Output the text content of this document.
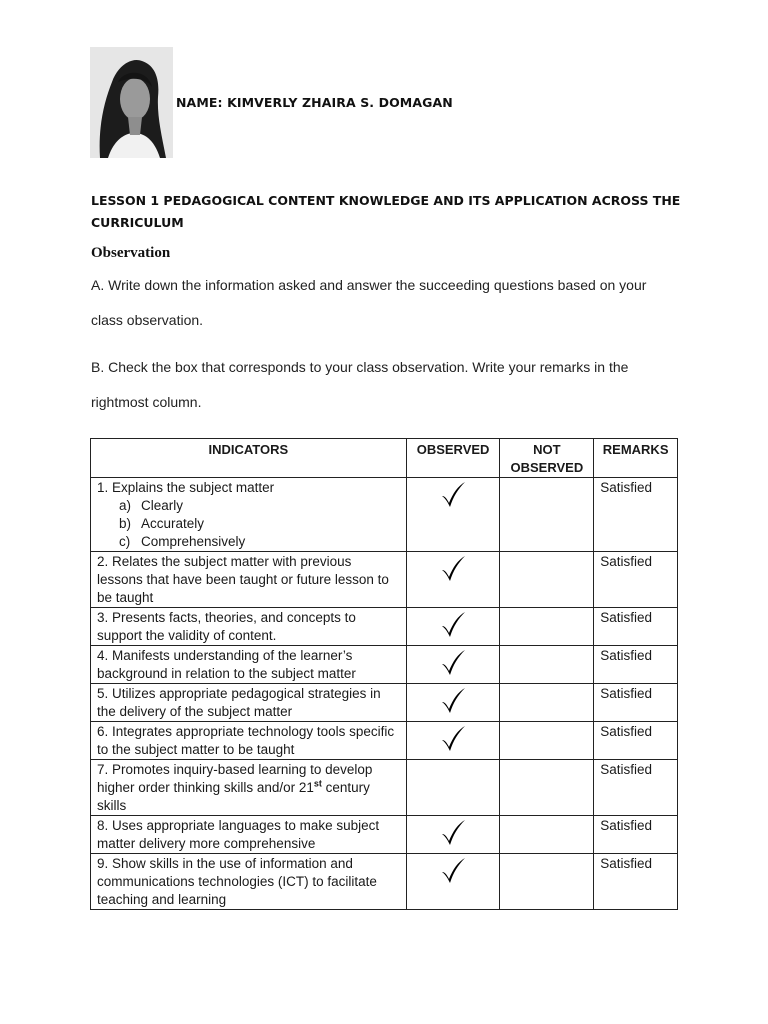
NAME: KIMVERLY ZHAIRA S. DOMAGAN
LESSON 1 PEDAGOGICAL CONTENT KNOWLEDGE AND ITS APPLICATION ACROSS THE CURRICULUM
Observation
A. Write down the information asked and answer the succeeding questions based on your class observation.
B. Check the box that corresponds to your class observation. Write your remarks in the rightmost column.
INDICATORS	OBSERVED	NOT OBSERVED	REMARKS
1. Explains the subject matter
a) Clearly
b) Accurately
c) Comprehensively			Satisfied
2. Relates the subject matter with previous lessons that have been taught or future lesson to be taught			Satisfied
3. Presents facts, theories, and concepts to support the validity of content.			Satisfied
4. Manifests understanding of the learner’s background in relation to the subject matter			Satisfied
5. Utilizes appropriate pedagogical strategies in the delivery of the subject matter			Satisfied
6. Integrates appropriate technology tools specific to the subject matter to be taught			Satisfied
7. Promotes inquiry-based learning to develop higher order thinking skills and/or 21st century skills			Satisfied
8. Uses appropriate languages to make subject matter delivery more comprehensive			Satisfied
9. Show skills in the use of information and communications technologies (ICT) to facilitate teaching and learning			Satisfied
